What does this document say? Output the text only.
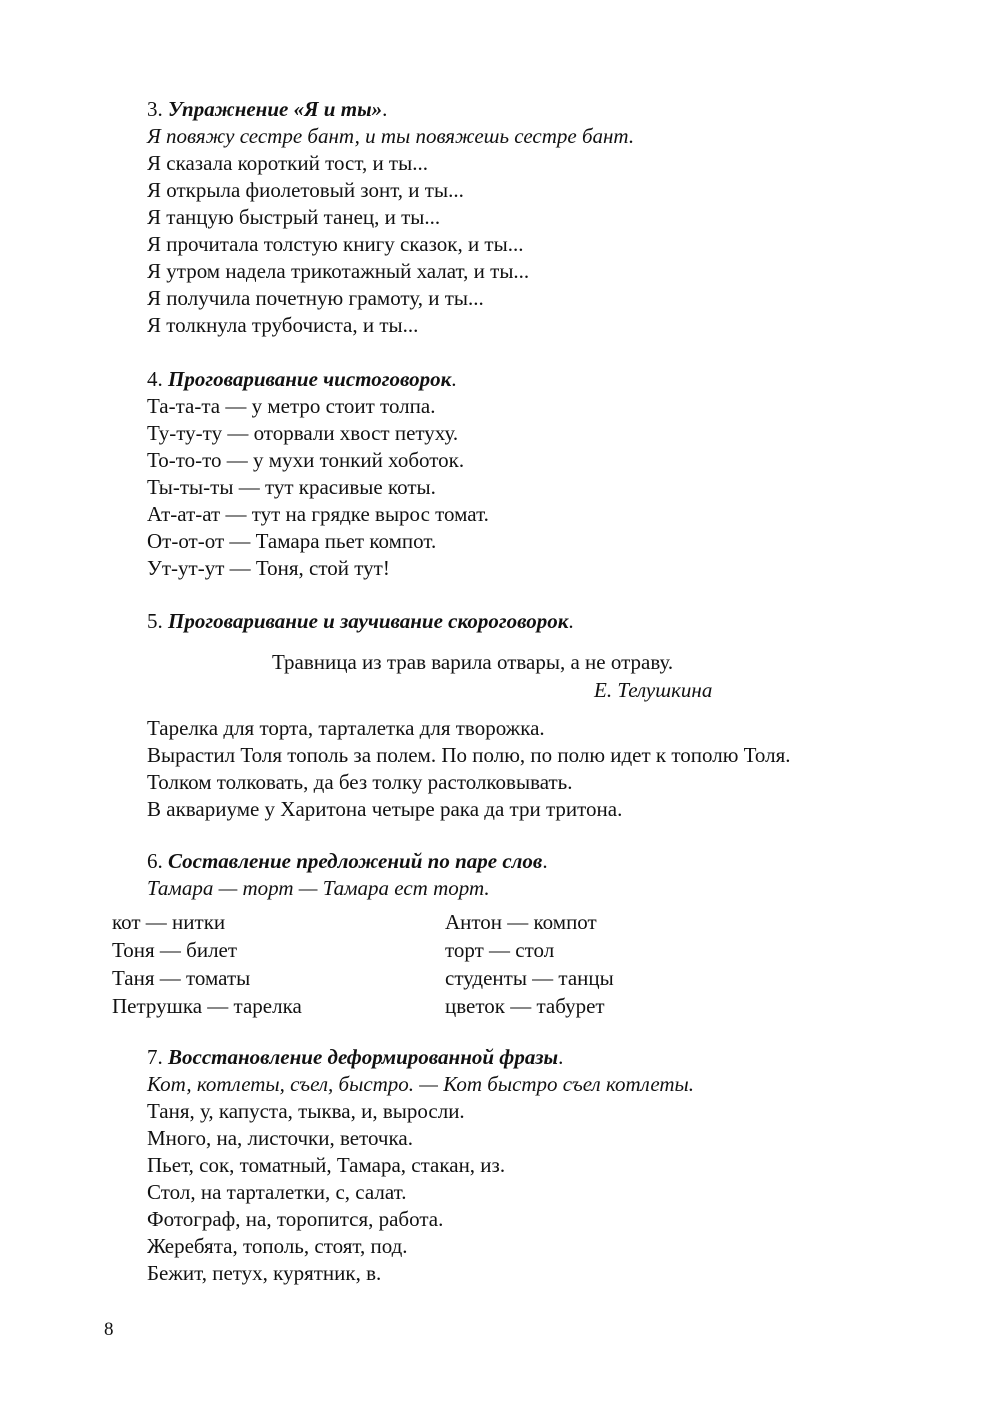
3. Упражнение «Я и ты».
Я повяжу сестре бант, и ты повяжешь сестре бант.
Я сказала короткий тост, и ты...
Я открыла фиолетовый зонт, и ты...
Я танцую быстрый танец, и ты...
Я прочитала толстую книгу сказок, и ты...
Я утром надела трикотажный халат, и ты...
Я получила почетную грамоту, и ты...
Я толкнула трубочиста, и ты...
4. Проговаривание чистоговорок.
Та-та-та — у метро стоит толпа.
Ту-ту-ту — оторвали хвост петуху.
То-то-то — у мухи тонкий хоботок.
Ты-ты-ты — тут красивые коты.
Ат-ат-ат — тут на грядке вырос томат.
От-от-от — Тамара пьет компот.
Ут-ут-ут — Тоня, стой тут!
5. Проговаривание и заучивание скороговорок.
Травница из трав варила отвары, а не отраву.
Е. Телушкина
Тарелка для торта, тарталетка для творожка.
Вырастил Толя тополь за полем. По полю, по полю идет к тополю Толя.
Толком толковать, да без толку растолковывать.
В аквариуме у Харитона четыре рака да три тритона.
6. Составление предложений по паре слов.
Тамара — торт — Тамара ест торт.
кот — нитки	Антон — компот
Тоня — билет	торт — стол
Таня — томаты	студенты — танцы
Петрушка — тарелка	цветок — табурет
7. Восстановление деформированной фразы.
Кот, котлеты, съел, быстро. — Кот быстро съел котлеты.
Таня, у, капуста, тыква, и, выросли.
Много, на, листочки, веточка.
Пьет, сок, томатный, Тамара, стакан, из.
Стол, на тарталетки, с, салат.
Фотограф, на, торопится, работа.
Жеребята, тополь, стоят, под.
Бежит, петух, курятник, в.
8
